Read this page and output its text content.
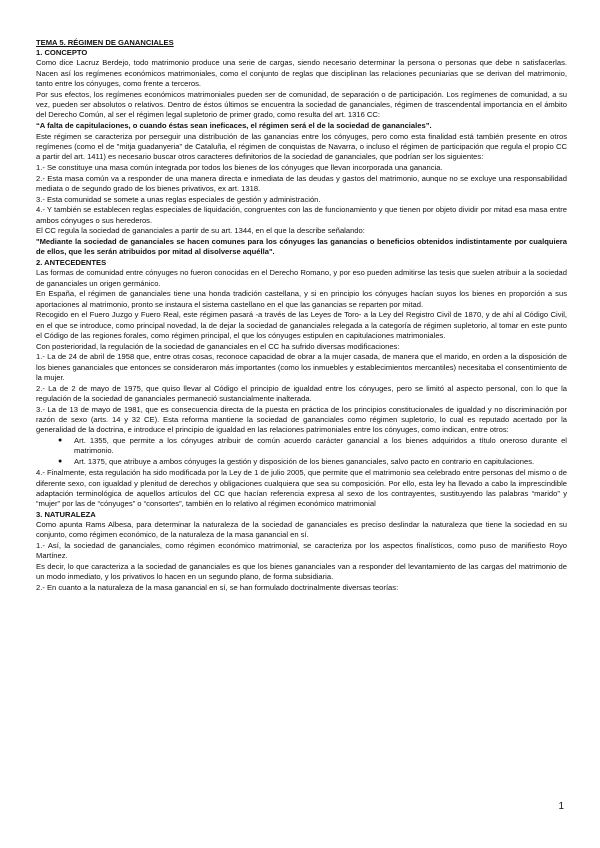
TEMA 5. RÉGIMEN DE GANANCIALES
1. CONCEPTO
Como dice Lacruz Berdejo, todo matrimonio produce una serie de cargas, siendo necesario determinar la persona o personas que debe n satisfacerlas. Nacen así los regímenes económicos matrimoniales, como el conjunto de reglas que disciplinan las relaciones pecuniarias que se derivan del matrimonio, tanto entre los cónyuges, como frente a terceros.
Por sus efectos, los regímenes económicos matrimoniales pueden ser de comunidad, de separación o de participación. Los regímenes de comunidad, a su vez, pueden ser absolutos o relativos. Dentro de éstos últimos se encuentra la sociedad de gananciales, régimen de trascendental importancia en el ámbito del Derecho Común, al ser el régimen legal supletorio de primer grado, como resulta del art. 1316 CC:
“A falta de capitulaciones, o cuando éstas sean ineficaces, el régimen será el de la sociedad de gananciales”.
Este régimen se caracteriza por perseguir una distribución de las ganancias entre los cónyuges, pero como esta finalidad está también presente en otros regímenes (como el de "mitja guadanyeria" de Cataluña, el régimen de conquistas de Navarra, o incluso el régimen de participación que regula el propio CC a partir del art. 1411) es necesario buscar otros caracteres definitorios de la sociedad de gananciales, que podrían ser los siguientes:
1.- Se constituye una masa común integrada por todos los bienes de los cónyuges que llevan incorporada una ganancia.
2.- Esta masa común va a responder de una manera directa e inmediata de las deudas y gastos del matrimonio, aunque no se excluye una responsabilidad mediata o de segundo grado de los bienes privativos, ex art. 1318.
3.- Esta comunidad se somete a unas reglas especiales de gestión y administración.
4.- Y también se establecen reglas especiales de liquidación, congruentes con las de funcionamiento y que tienen por objeto dividir por mitad esa masa entre ambos cónyuges o sus herederos.
El CC regula la sociedad de gananciales a partir de su art. 1344, en el que la describe señalando:
"Mediante la sociedad de gananciales se hacen comunes para los cónyuges las ganancias o beneficios obtenidos indistintamente por cualquiera de ellos, que les serán atribuidos por mitad al disolverse aquélla".
2. ANTECEDENTES
Las formas de comunidad entre cónyuges no fueron conocidas en el Derecho Romano, y por eso pueden admitirse las tesis que suelen atribuir a la sociedad de gananciales un origen germánico.
En España, el régimen de gananciales tiene una honda tradición castellana, y si en principio los cónyuges hacían suyos los bienes en proporción a sus aportaciones al matrimonio, pronto se instaura el sistema castellano en el que las ganancias se reparten por mitad.
Recogido en el Fuero Juzgo y Fuero Real, este régimen pasará -a través de las Leyes de Toro- a la Ley del Registro Civil de 1870, y de ahí al Código Civil, en el que se introduce, como principal novedad, la de dejar la sociedad de gananciales relegada a la categoría de régimen supletorio, al tomar en este punto el Código de las regiones forales, como régimen principal, el que los cónyuges estipulen en capitulaciones matrimoniales.
Con posterioridad, la regulación de la sociedad de gananciales en el CC ha sufrido diversas modificaciones:
1.- La de 24 de abril de 1958 que, entre otras cosas, reconoce capacidad de obrar a la mujer casada, de manera que el marido, en orden a la disposición de los bienes gananciales que entonces se consideraron más importantes (como los inmuebles y establecimientos mercantiles) necesitaba el consentimiento de la mujer.
2.- La de 2 de mayo de 1975, que quiso llevar al Código el principio de igualdad entre los cónyuges, pero se limitó al aspecto personal, con lo que la regulación de la sociedad de gananciales permaneció sustancialmente inalterada.
3.- La de 13 de mayo de 1981, que es consecuencia directa de la puesta en práctica de los principios constitucionales de igualdad y no discriminación por razón de sexo (arts. 14 y 32 CE). Esta reforma mantiene la sociedad de gananciales como régimen supletorio, lo cual es reputado acertado por la generalidad de la doctrina, e introduce el principio de igualdad en las relaciones patrimoniales entre los cónyuges, como indican, entre otros:
● Art. 1355, que permite a los cónyuges atribuir de común acuerdo carácter ganancial a los bienes adquiridos a título oneroso durante el matrimonio.
● Art. 1375, que atribuye a ambos cónyuges la gestión y disposición de los bienes gananciales, salvo pacto en contrario en capitulaciones.
4.- Finalmente, esta regulación ha sido modificada por la Ley de 1 de julio 2005, que permite que el matrimonio sea celebrado entre personas del mismo o de diferente sexo, con igualdad y plenitud de derechos y obligaciones cualquiera que sea su composición. Por ello, esta ley ha llevado a cabo la imprescindible adaptación terminológica de aquellos artículos del CC que hacían referencia expresa al sexo de los contrayentes, sustituyendo las palabras “marido” y “mujer” por las de “cónyuges” o “consortes”, también en lo relativo al régimen económico matrimonial
3. NATURALEZA
Como apunta Rams Albesa, para determinar la naturaleza de la sociedad de gananciales es preciso deslindar la naturaleza que tiene la sociedad en su conjunto, como régimen económico, de la naturaleza de la masa ganancial en sí.
1.- Así, la sociedad de gananciales, como régimen económico matrimonial, se caracteriza por los aspectos finalísticos, como puso de manifiesto Royo Martínez.
Es decir, lo que caracteriza a la sociedad de gananciales es que los bienes gananciales van a responder del levantamiento de las cargas del matrimonio de un modo inmediato, y los privativos lo hacen en un segundo plano, de forma subsidiaria.
2.- En cuanto a la naturaleza de la masa ganancial en sí, se han formulado doctrinalmente diversas teorías:
1
